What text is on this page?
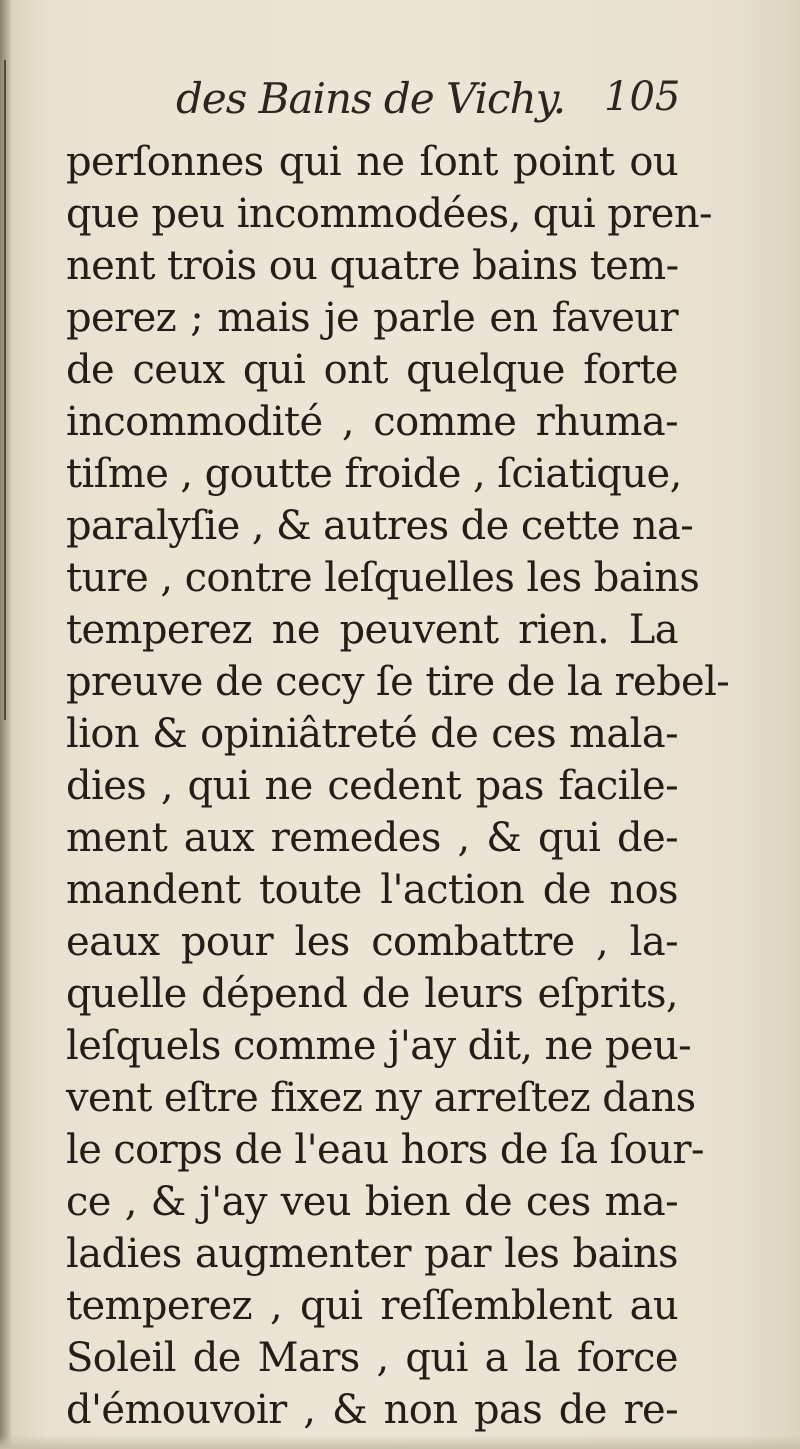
des Bains de Vichy. 105
perſonnes qui ne ſont point ou
que peu incommodées, qui pren-
nent trois ou quatre bains tem-
perez ; mais je parle en faveur
de ceux qui ont quelque forte
incommodité , comme rhuma-
tiſme , goutte froide , ſciatique,
paralyſie , & autres de cette na-
ture , contre leſquelles les bains
temperez ne peuvent rien. La
preuve de cecy ſe tire de la rebel-
lion & opiniâtreté de ces mala-
dies , qui ne cedent pas facile-
ment aux remedes , & qui de-
mandent toute l'action de nos
eaux pour les combattre , la-
quelle dépend de leurs eſprits,
leſquels comme j'ay dit, ne peu-
vent eſtre fixez ny arreſtez dans
le corps de l'eau hors de ſa ſour-
ce , & j'ay veu bien de ces ma-
ladies augmenter par les bains
temperez , qui reſſemblent au
Soleil de Mars , qui a la force
d'émouvoir , & non pas de re-
